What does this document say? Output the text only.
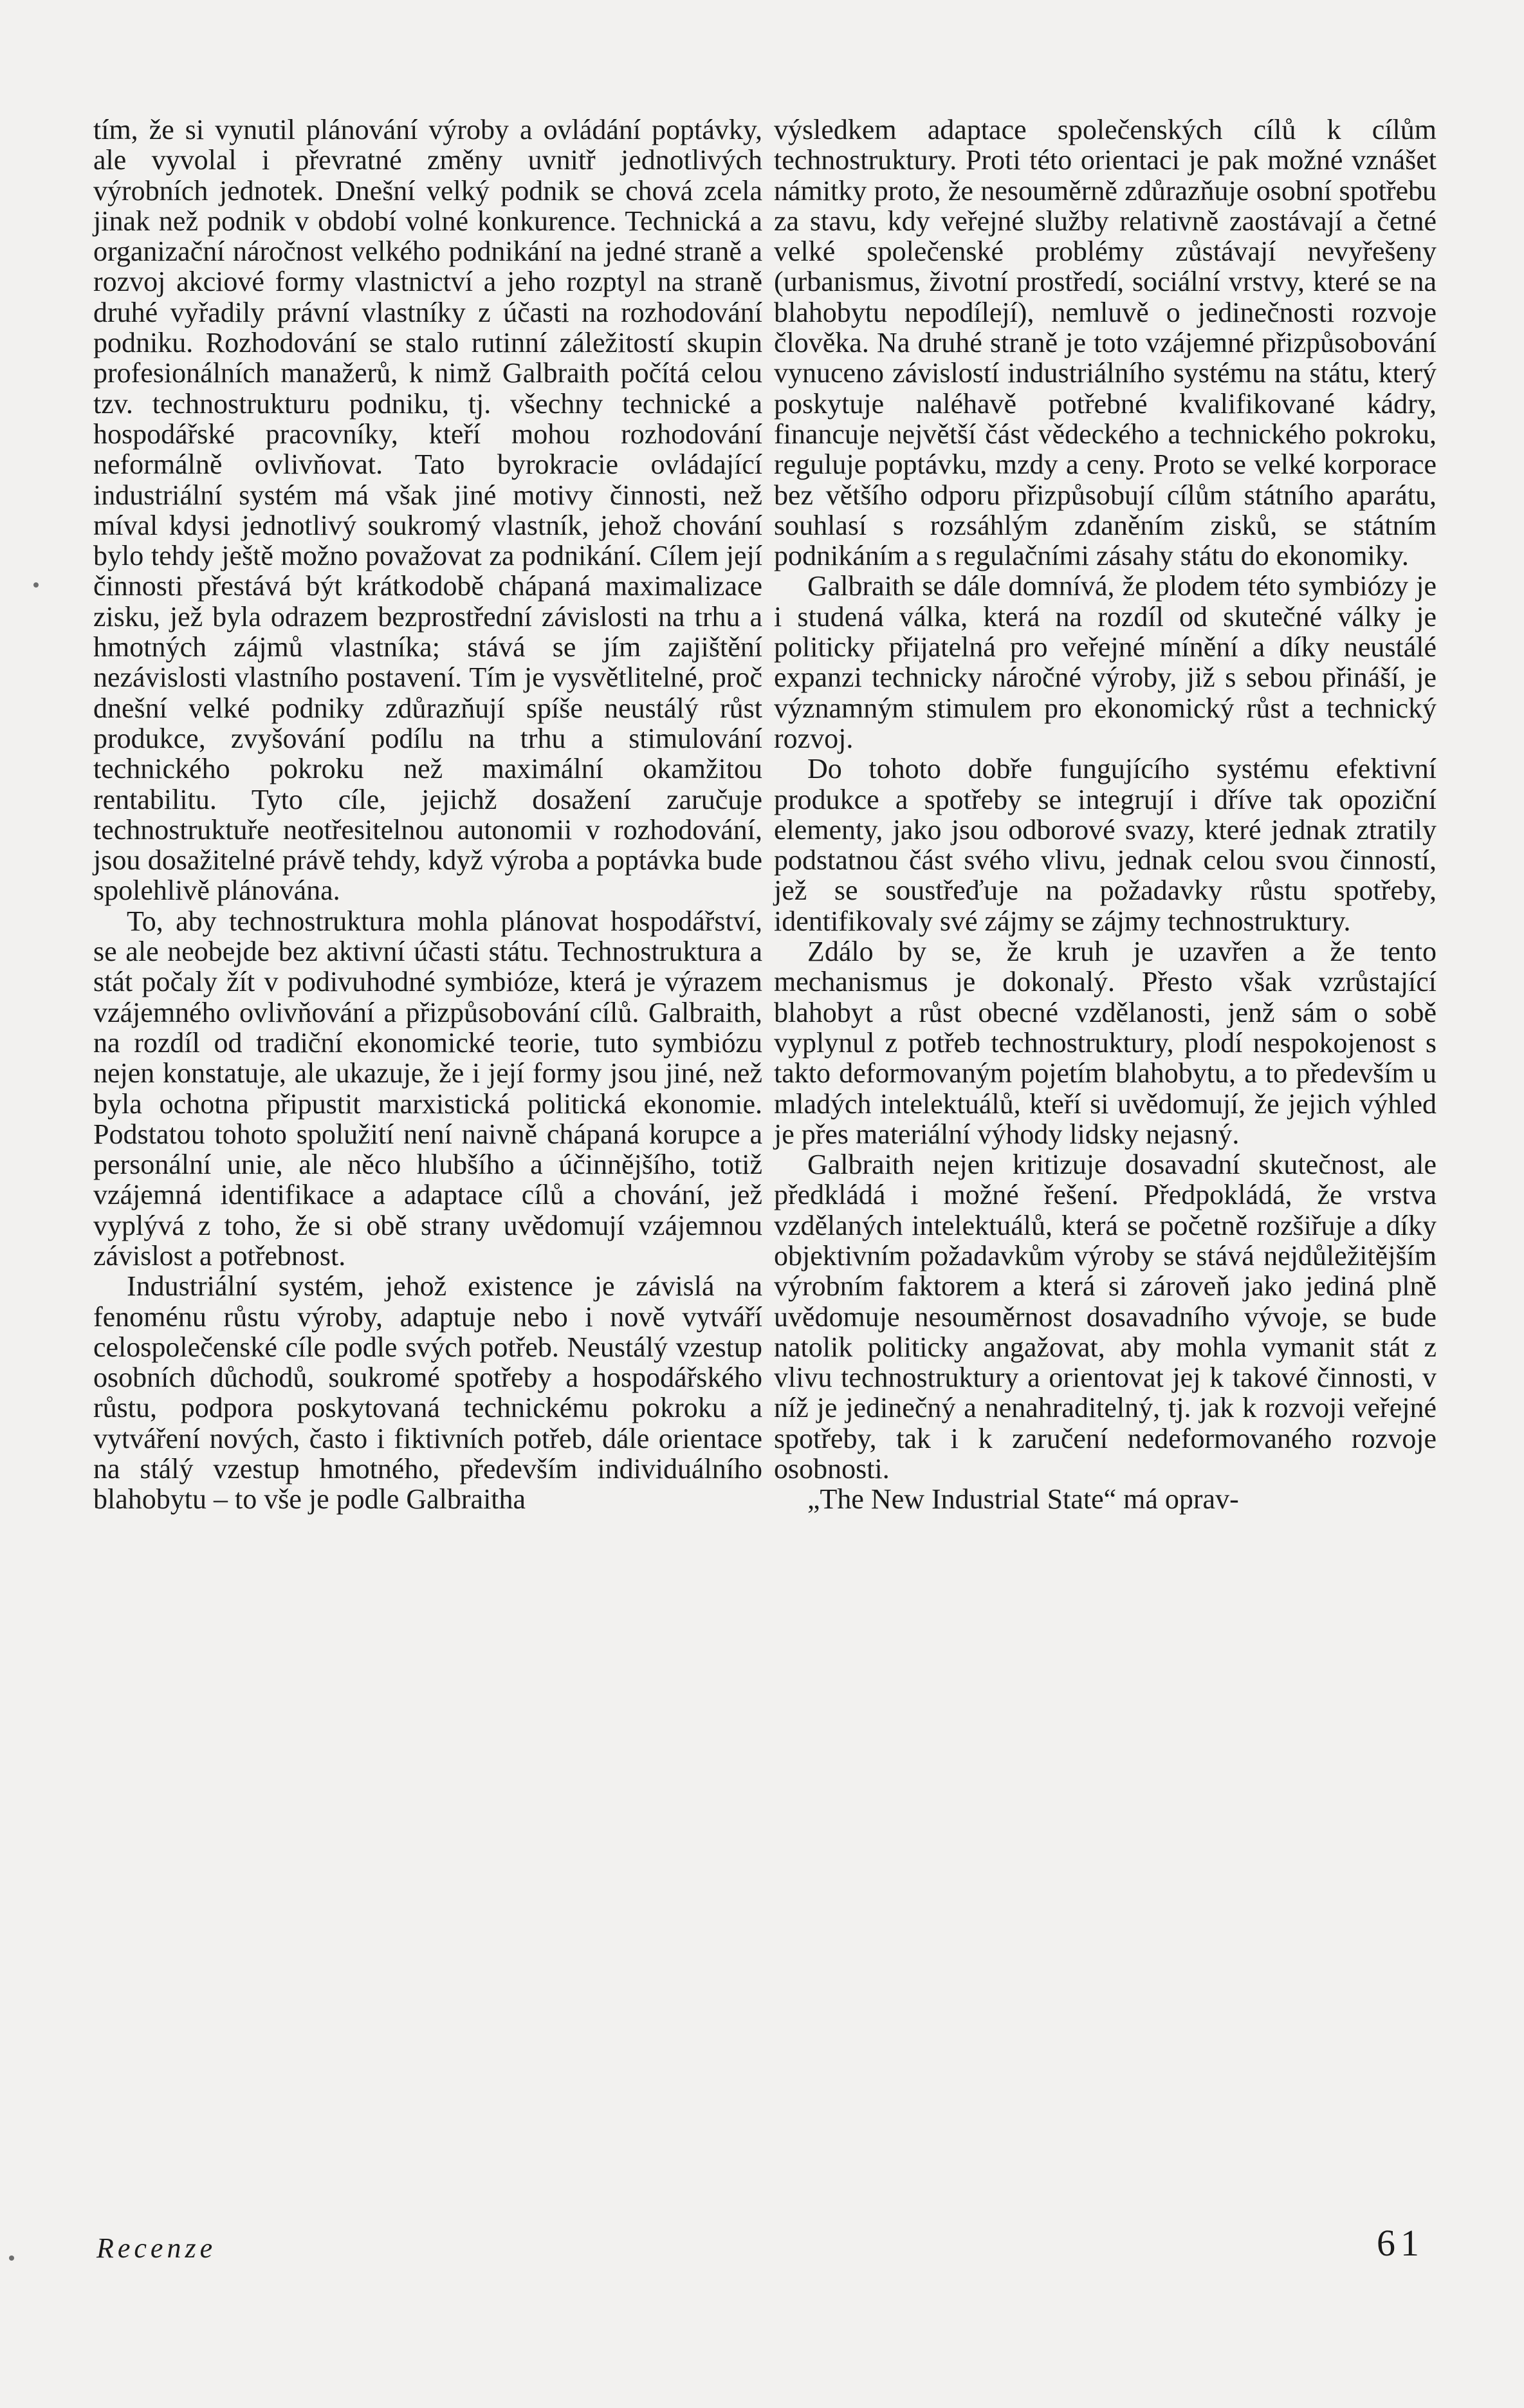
tím, že si vynutil plánování výroby a ovládání poptávky, ale vyvolal i převratné změny uvnitř jednotlivých výrobních jednotek. Dnešní velký podnik se chová zcela jinak než podnik v období volné konkurence. Technická a organizační náročnost velkého podnikání na jedné straně a rozvoj akciové formy vlastnictví a jeho rozptyl na straně druhé vyřadily právní vlastníky z účasti na rozhodování podniku. Rozhodování se stalo rutinní záležitostí skupin profesionálních manažerů, k nimž Galbraith počítá celou tzv. technostrukturu podniku, tj. všechny technické a hospodářské pracovníky, kteří mohou rozhodování neformálně ovlivňovat. Tato byrokracie ovládající industriální systém má však jiné motivy činnosti, než míval kdysi jednotlivý soukromý vlastník, jehož chování bylo tehdy ještě možno považovat za podnikání. Cílem její činnosti přestává být krátkodobě chápaná maximalizace zisku, jež byla odrazem bezprostřední závislosti na trhu a hmotných zájmů vlastníka; stává se jím zajištění nezávislosti vlastního postavení. Tím je vysvětlitelné, proč dnešní velké podniky zdůrazňují spíše neustálý růst produkce, zvyšování podílu na trhu a stimulování technického pokroku než maximální okamžitou rentabilitu. Tyto cíle, jejichž dosažení zaručuje technostruktuře neotřesitelnou autonomii v rozhodování, jsou dosažitelné právě tehdy, když výroba a poptávka bude spolehlivě plánována.

To, aby technostruktura mohla plánovat hospodářství, se ale neobejde bez aktivní účasti státu. Technostruktura a stát počaly žít v podivuhodné symbióze, která je výrazem vzájemného ovlivňování a přizpůsobování cílů. Galbraith, na rozdíl od tradiční ekonomické teorie, tuto symbiózu nejen konstatuje, ale ukazuje, že i její formy jsou jiné, než byla ochotna připustit marxistická politická ekonomie. Podstatou tohoto spolužití není naivně chápaná korupce a personální unie, ale něco hlubšího a účinnějšího, totiž vzájemná identifikace a adaptace cílů a chování, jež vyplývá z toho, že si obě strany uvědomují vzájemnou závislost a potřebnost.

Industriální systém, jehož existence je závislá na fenoménu růstu výroby, adaptuje nebo i nově vytváří celospolečenské cíle podle svých potřeb. Neustálý vzestup osobních důchodů, soukromé spotřeby a hospodářského růstu, podpora poskytovaná technickému pokroku a vytváření nových, často i fiktivních potřeb, dále orientace na stálý vzestup hmotného, především individuálního blahobytu – to vše je podle Galbraitha

výsledkem adaptace společenských cílů k cílům technostruktury. Proti této orientaci je pak možné vznášet námitky proto, že nesouměrně zdůrazňuje osobní spotřebu za stavu, kdy veřejné služby relativně zaostávají a četné velké společenské problémy zůstávají nevyřešeny (urbanismus, životní prostředí, sociální vrstvy, které se na blahobytu nepodílejí), nemluvě o jedinečnosti rozvoje člověka. Na druhé straně je toto vzájemné přizpůsobování vynuceno závislostí industriálního systému na státu, který poskytuje naléhavě potřebné kvalifikované kádry, financuje největší část vědeckého a technického pokroku, reguluje poptávku, mzdy a ceny. Proto se velké korporace bez většího odporu přizpůsobují cílům státního aparátu, souhlasí s rozsáhlým zdaněním zisků, se státním podnikáním a s regulačními zásahy státu do ekonomiky.

Galbraith se dále domnívá, že plodem této symbiózy je i studená válka, která na rozdíl od skutečné války je politicky přijatelná pro veřejné mínění a díky neustálé expanzi technicky náročné výroby, již s sebou přináší, je významným stimulem pro ekonomický růst a technický rozvoj.

Do tohoto dobře fungujícího systému efektivní produkce a spotřeby se integrují i dříve tak opoziční elementy, jako jsou odborové svazy, které jednak ztratily podstatnou část svého vlivu, jednak celou svou činností, jež se soustřeďuje na požadavky růstu spotřeby, identifikovaly své zájmy se zájmy technostruktury.

Zdálo by se, že kruh je uzavřen a že tento mechanismus je dokonalý. Přesto však vzrůstající blahobyt a růst obecné vzdělanosti, jenž sám o sobě vyplynul z potřeb technostruktury, plodí nespokojenost s takto deformovaným pojetím blahobytu, a to především u mladých intelektuálů, kteří si uvědomují, že jejich výhled je přes materiální výhody lidsky nejasný.

Galbraith nejen kritizuje dosavadní skutečnost, ale předkládá i možné řešení. Předpokládá, že vrstva vzdělaných intelektuálů, která se početně rozšiřuje a díky objektivním požadavkům výroby se stává nejdůležitějším výrobním faktorem a která si zároveň jako jediná plně uvědomuje nesouměrnost dosavadního vývoje, se bude natolik politicky angažovat, aby mohla vymanit stát z vlivu technostruktury a orientovat jej k takové činnosti, v níž je jedinečný a nenahraditelný, tj. jak k rozvoji veřejné spotřeby, tak i k zaručení nedeformovaného rozvoje osobnosti.

„The New Industrial State“ má oprav-

Recenze	61
